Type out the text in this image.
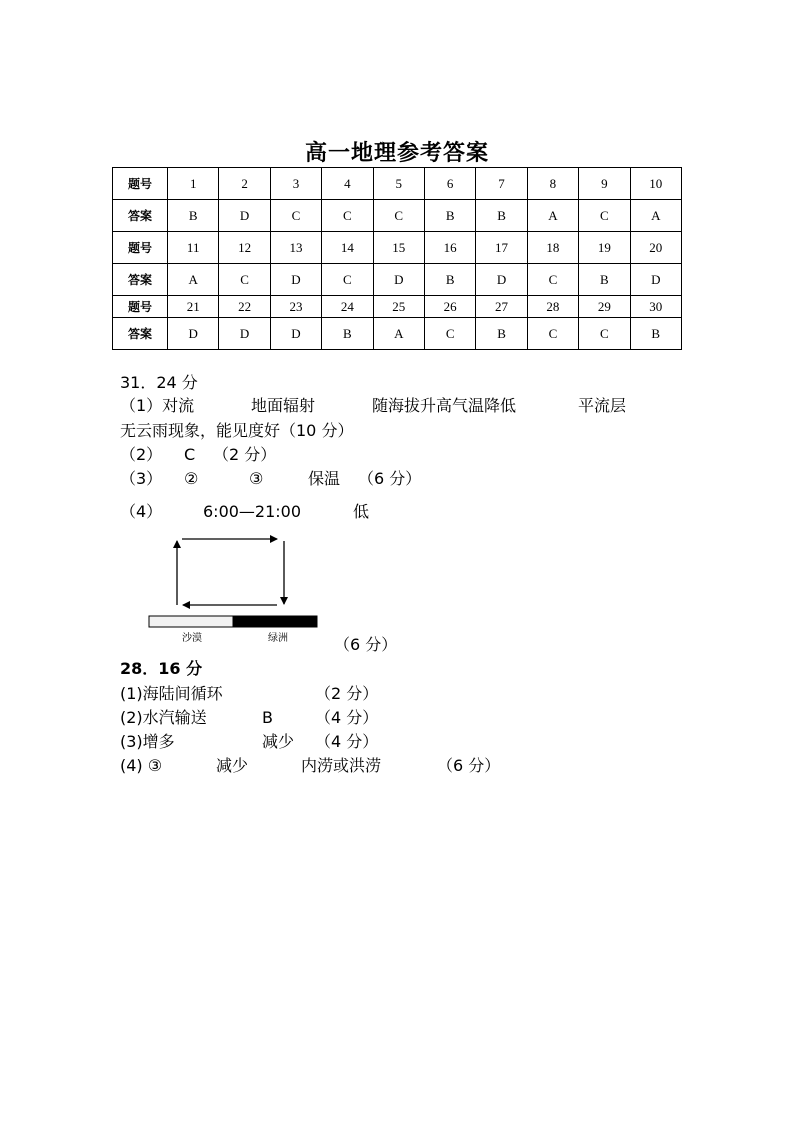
高一地理参考答案
题号	1	2	3	4	5	6	7	8	9	10
答案	B	D	C	C	C	B	B	A	C	A
题号	11	12	13	14	15	16	17	18	19	20
答案	A	C	D	C	D	B	D	C	B	D
题号	21	22	23	24	25	26	27	28	29	30
答案	D	D	D	B	A	C	B	C	C	B
31．24 分
（1）对流	地面辐射	随海拔升高气温降低	平流层
无云雨现象，能见度好（10 分）
（2） C （2 分）
（3） ②	③	保温 （6 分）
（4）	6:00—21:00	低
沙漠	绿洲	（6 分）
28．16 分
(1)海陆间循环	（2 分）
(2)水汽输送	B	（4 分）
(3)增多	减少 （4 分）
(4) ③	减少	内涝或洪涝	（6 分）
